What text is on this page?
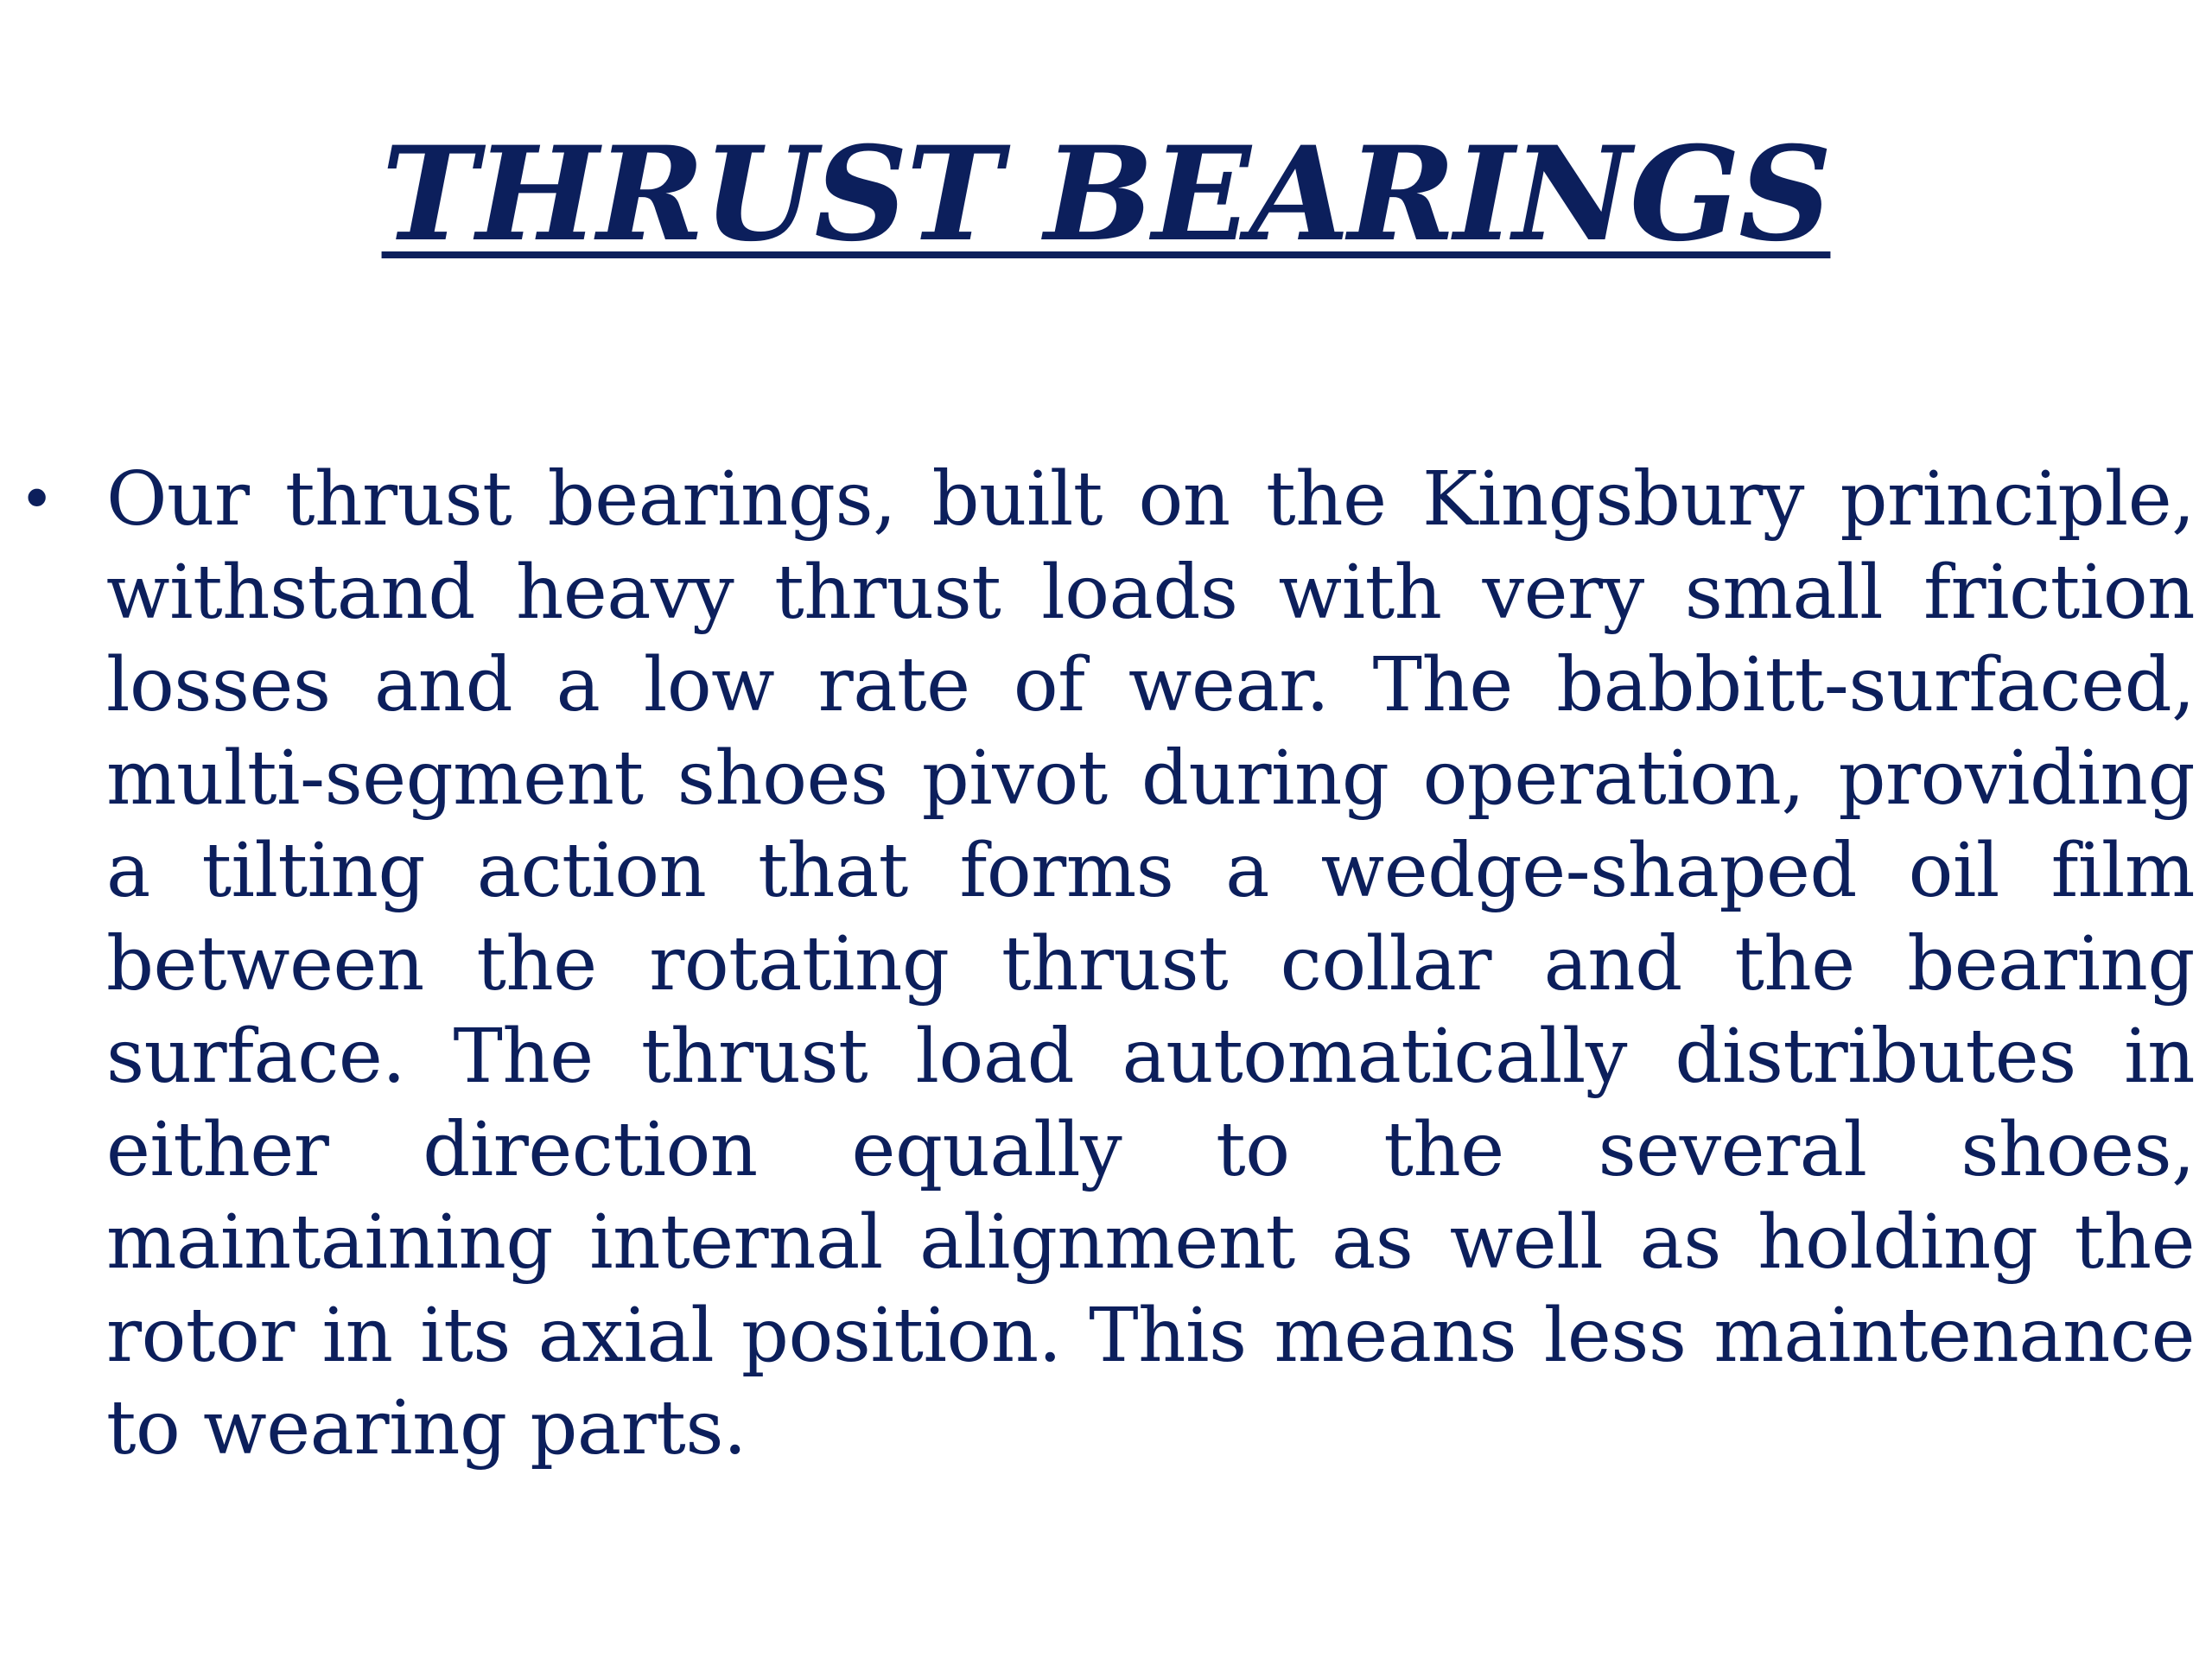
THRUST BEARINGS
• Our thrust bearings, built on the Kingsbury principle, withstand heavy thrust loads with very small friction losses and a low rate of wear. The babbitt-surfaced, multi-segment shoes pivot during operation, providing a tilting action that forms a wedge-shaped oil film between the rotating thrust collar and the bearing surface. The thrust load automatically distributes in either direction equally to the several shoes, maintaining internal alignment as well as holding the rotor in its axial position. This means less maintenance to wearing parts.
